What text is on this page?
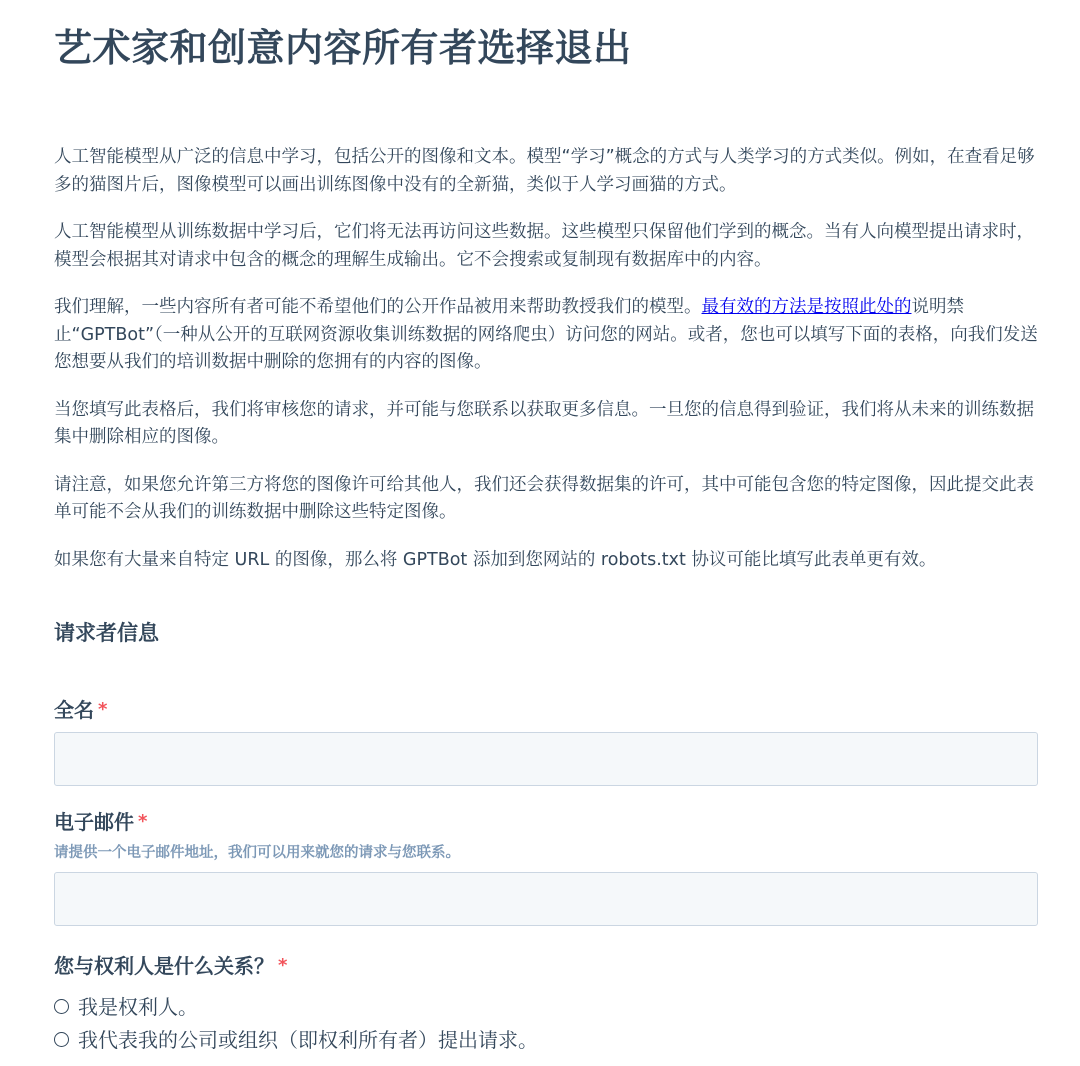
艺术家和创意内容所有者选择退出

人工智能模型从广泛的信息中学习，包括公开的图像和文本。模型“学习”概念的方式与人类学习的方式类似。例如，在查看足够多的猫图片后，图像模型可以画出训练图像中没有的全新猫，类似于人学习画猫的方式。

人工智能模型从训练数据中学习后，它们将无法再访问这些数据。这些模型只保留他们学到的概念。当有人向模型提出请求时，模型会根据其对请求中包含的概念的理解生成输出。它不会搜索或复制现有数据库中的内容。

我们理解，一些内容所有者可能不希望他们的公开作品被用来帮助教授我们的模型。最有效的方法是按照此处的说明禁止“GPTBot”（一种从公开的互联网资源收集训练数据的网络爬虫）访问您的网站。或者，您也可以填写下面的表格，向我们发送您想要从我们的培训数据中删除的您拥有的内容的图像。

当您填写此表格后，我们将审核您的请求，并可能与您联系以获取更多信息。一旦您的信息得到验证，我们将从未来的训练数据集中删除相应的图像。

请注意，如果您允许第三方将您的图像许可给其他人，我们还会获得数据集的许可，其中可能包含您的特定图像，因此提交此表单可能不会从我们的训练数据中删除这些特定图像。

如果您有大量来自特定 URL 的图像，那么将 GPTBot 添加到您网站的 robots.txt 协议可能比填写此表单更有效。

请求者信息
全名 *
电子邮件 *
请提供一个电子邮件地址，我们可以用来就您的请求与您联系。
您与权利人是什么关系？ *
我是权利人。
我代表我的公司或组织（即权利所有者）提出请求。
